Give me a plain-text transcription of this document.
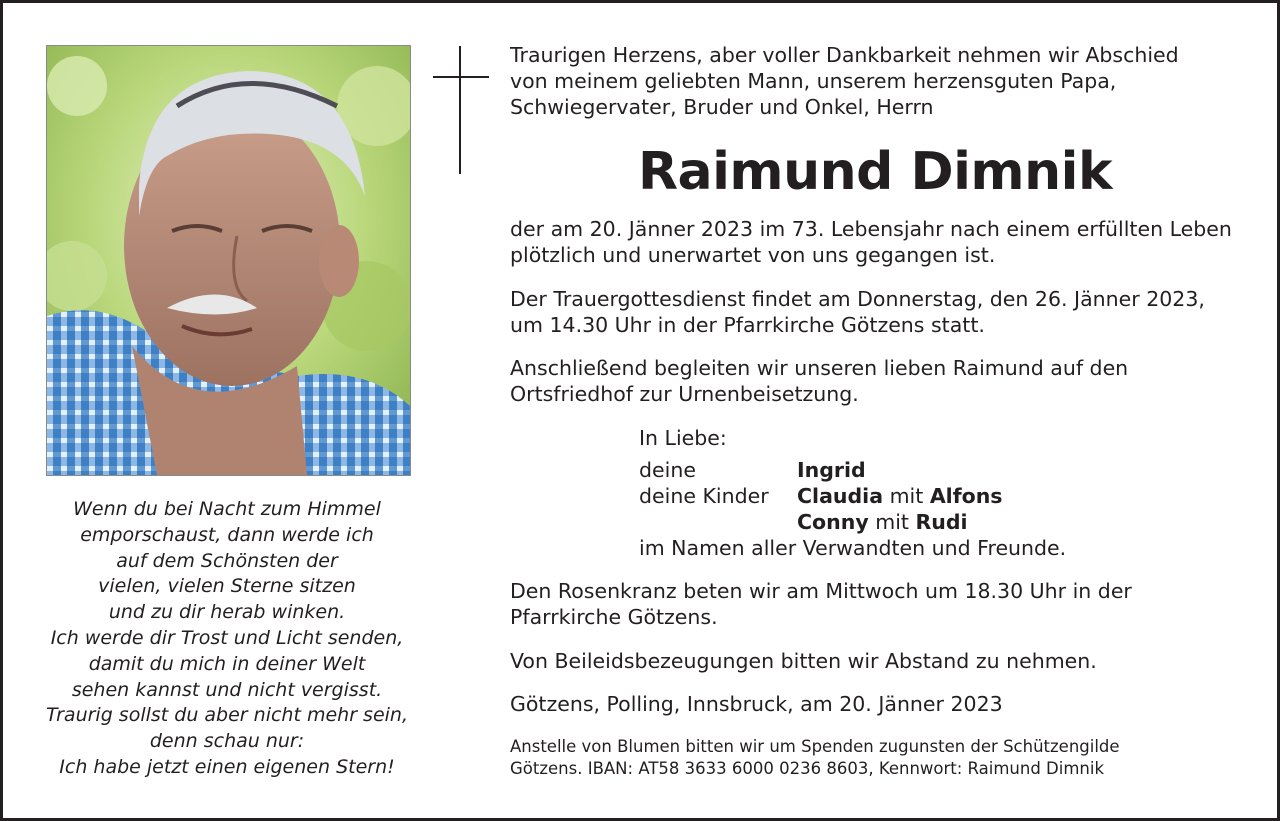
Wenn du bei Nacht zum Himmel
emporschaust, dann werde ich
auf dem Schönsten der
vielen, vielen Sterne sitzen
und zu dir herab winken.
Ich werde dir Trost und Licht senden,
damit du mich in deiner Welt
sehen kannst und nicht vergisst.
Traurig sollst du aber nicht mehr sein,
denn schau nur:
Ich habe jetzt einen eigenen Stern!
Traurigen Herzens, aber voller Dankbarkeit nehmen wir Abschied
von meinem geliebten Mann, unserem herzensguten Papa,
Schwiegervater, Bruder und Onkel, Herrn
Raimund Dimnik
der am 20. Jänner 2023 im 73. Lebensjahr nach einem erfüllten Leben
plötzlich und unerwartet von uns gegangen ist.
Der Trauergottesdienst findet am Donnerstag, den 26. Jänner 2023,
um 14.30 Uhr in der Pfarrkirche Götzens statt.
Anschließend begleiten wir unseren lieben Raimund auf den
Ortsfriedhof zur Urnenbeisetzung.
In Liebe:
deine	Ingrid
deine Kinder Claudia mit Alfons
Conny mit Rudi
im Namen aller Verwandten und Freunde.
Den Rosenkranz beten wir am Mittwoch um 18.30 Uhr in der
Pfarrkirche Götzens.
Von Beileidsbezeugungen bitten wir Abstand zu nehmen.
Götzens, Polling, Innsbruck, am 20. Jänner 2023
Anstelle von Blumen bitten wir um Spenden zugunsten der Schützengilde
Götzens. IBAN: AT58 3633 6000 0236 8603, Kennwort: Raimund Dimnik
